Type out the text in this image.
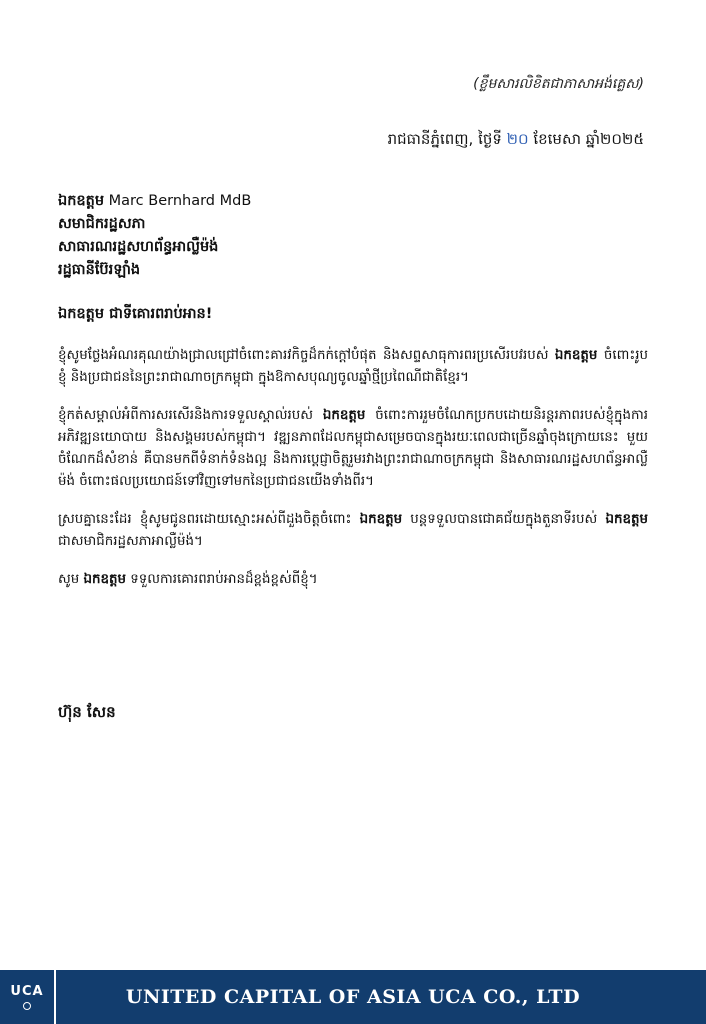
(ខ្លឹមសារលិខិតជាភាសាអង់គ្លេស)
រាជធានីភ្នំពេញ, ថ្ងៃទី ២០ ខែមេសា ឆ្នាំ២០២៥
ឯកឧត្តម Marc Bernhard MdB
សមាជិករដ្ឋសភា
សាធារណរដ្ឋសហព័ន្ធអាល្លឺម៉ង់
រដ្ឋធានីប៊ែរឡាំង
ឯកឧត្តម ជាទីគោរពរាប់អាន!

ខ្ញុំសូមថ្លែងអំណរគុណយ៉ាងជ្រាលជ្រៅចំពោះគារវកិច្ចដ៏កក់ក្តៅបំផុត និងសព្ទសាធុការពរប្រសើរបវរបស់ ឯកឧត្តម ចំពោះរូបខ្ញុំ និងប្រជាជននៃព្រះរាជាណាចក្រកម្ពុជា ក្នុងឱកាសបុណ្យចូលឆ្នាំថ្មីប្រពៃណីជាតិខ្មែរ។

ខ្ញុំកត់សម្គាល់អំពីការសរសើរនិងការទទួលស្គាល់របស់ ឯកឧត្តម ចំពោះការរួមចំណែកប្រកបដោយនិរន្តរភាពរបស់ខ្ញុំក្នុងការអភិវឌ្ឍនយោបាយ និងសង្គមរបស់កម្ពុជា។ វឌ្ឍនភាពដែលកម្ពុជាសម្រេចបានក្នុងរយៈពេលជាច្រើនឆ្នាំចុងក្រោយនេះ មួយចំណែកដ៏សំខាន់ គឺបានមកពីទំនាក់ទំនងល្អ និងការប្តេជ្ញាចិត្តរួមរវាងព្រះរាជាណាចក្រកម្ពុជា និងសាធារណរដ្ឋសហព័ន្ធអាល្លឺម៉ង់ ចំពោះផលប្រយោជន៍ទៅវិញទៅមកនៃប្រជាជនយើងទាំងពីរ។

ស្របគ្នានេះដែរ ខ្ញុំសូមជូនពរដោយស្មោះអស់ពីដួងចិត្តចំពោះ ឯកឧត្តម បន្តទទួលបានជោគជ័យក្នុងតួនាទីរបស់ ឯកឧត្តម ជាសមាជិករដ្ឋសភាអាល្លឺម៉ង់។

សូម ឯកឧត្តម ទទួលការគោរពរាប់អានដ៏ខ្ពង់ខ្ពស់ពីខ្ញុំ។

ហ៊ុន សែន
UCA	UNITED CAPITAL OF ASIA UCA CO., LTD
